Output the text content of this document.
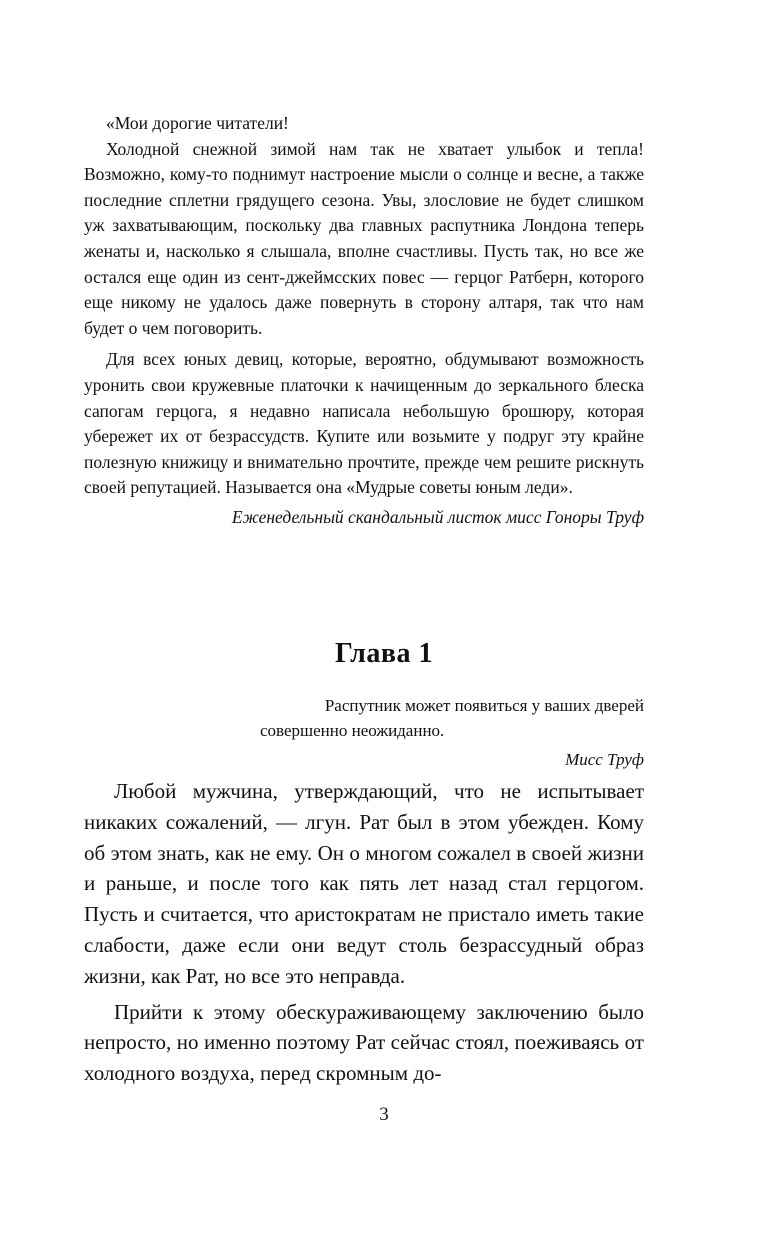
«Мои дорогие читатели!

Холодной снежной зимой нам так не хватает улыбок и тепла! Возможно, кому-то поднимут настроение мысли о солнце и весне, а также последние сплетни грядущего сезона. Увы, злословие не будет слишком уж захватывающим, поскольку два главных распутника Лондона теперь женаты и, насколько я слышала, вполне счастливы. Пусть так, но все же остался еще один из сент-джеймсских повес — герцог Ратберн, которого еще никому не удалось даже повернуть в сторону алтаря, так что нам будет о чем поговорить.

Для всех юных девиц, которые, вероятно, обдумывают возможность уронить свои кружевные платочки к начищенным до зеркального блеска сапогам герцога, я недавно написала небольшую брошюру, которая убережет их от безрассудств. Купите или возьмите у подруг эту крайне полезную книжицу и внимательно прочтите, прежде чем решите рискнуть своей репутацией. Называется она «Мудрые советы юным леди».

Еженедельный скандальный листок мисс Гоноры Труф

Глава 1
Распутник может появиться у ваших дверей
совершенно неожиданно.
Мисс Труф

Любой мужчина, утверждающий, что не испытывает никаких сожалений, — лгун. Рат был в этом убежден. Кому об этом знать, как не ему. Он о многом сожалел в своей жизни и раньше, и после того как пять лет назад стал герцогом. Пусть и считается, что аристократам не пристало иметь такие слабости, даже если они ведут столь безрассудный образ жизни, как Рат, но все это неправда.

Прийти к этому обескураживающему заключению было непросто, но именно поэтому Рат сейчас стоял, поеживаясь от холодного воздуха, перед скромным до-

3
